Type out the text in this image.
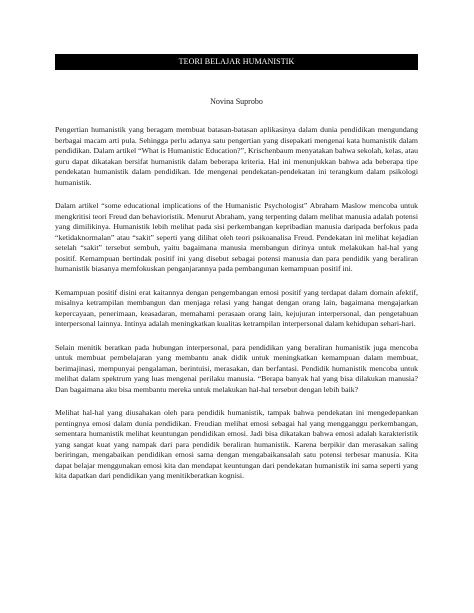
TEORI BELAJAR HUMANISTIK
Novina Suprobo

Pengertian humanistik yang beragam membuat batasan-batasan aplikasinya dalam dunia pendidikan mengundang berbagai macam arti pula. Sehingga perlu adanya satu pengertian yang disepakati mengenai kata humanistik dalam pendidikan. Dalam artikel “What is Humanistic Education?”, Krischenbaum menyatakan bahwa sekolah, kelas, atau guru dapat dikatakan bersifat humanistik dalam beberapa kriteria. Hal ini menunjukkan bahwa ada beberapa tipe pendekatan humanistik dalam pendidikan. Ide mengenai pendekatan-pendekatan ini terangkum dalam psikologi humanistik.

Dalam artikel “some educational implications of the Humanistic Psychologist” Abraham Maslow mencoba untuk mengkritisi teori Freud dan behavioristik. Menurut Abraham, yang terpenting dalam melihat manusia adalah potensi yang dimilikinya. Humanistik lebih melihat pada sisi perkembangan kepribadian manusia daripada berfokus pada “ketidaknormalan” atau “sakit” seperti yang dilihat oleh teori psikoanalisa Freud. Pendekatan ini melihat kejadian setelah “sakit” tersebut sembuh, yaitu bagaimana manusia membangun dirinya untuk melakukan hal-hal yang positif. Kemampuan bertindak positif ini yang disebut sebagai potensi manusia dan para pendidik yang beraliran humanistik biasanya memfokuskan penganjarannya pada pembangunan kemampuan positif ini.

Kemampuan positif disini erat kaitannya dengan pengembangan emosi positif yang terdapat dalam domain afektif, misalnya ketrampilan membangun dan menjaga relasi yang hangat dengan orang lain, bagaimana mengajarkan kepercayaan, penerimaan, keasadaran, memahami perasaan orang lain, kejujuran interpersonal, dan pengetahuan interpersonal lainnya. Intinya adalah meningkatkan kualitas ketrampilan interpersonal dalam kehidupan sehari-hari.

Selain menitik beratkan pada hubungan interpersonal, para pendidikan yang beraliran humanistik juga mencoba untuk membuat pembelajaran yang membantu anak didik untuk meningkatkan kemampuan dalam membuat, berimajinasi, mempunyai pengalaman, berintuisi, merasakan, dan berfantasi. Pendidik humanistik mencoba untuk melihat dalam spektrum yang luas mengenai perilaku manusia. “Berapa banyak hal yang bisa dilakukan manusia? Dan bagaimana aku bisa membantu mereka untuk melakukan hal-hal tersebut dengan lebih baik?

Melihat hal-hal yang diusahakan oleh para pendidik humanistik, tampak bahwa pendekatan ini mengedepankan pentingnya emosi dalam dunia pendidikan. Freudian melihat emosi sebagai hal yang mengganggu perkembangan, sementara humanistik melihat keuntungan pendidikan emosi. Jadi bisa dikatakan bahwa emosi adalah karakteristik yang sangat kuat yang nampak dari para pendidik beraliran humanistik. Karena berpikir dan merasakan saling beriringan, mengabaikan pendidikan emosi sama dengan mengabaikansalah satu potensi terbesar manusia. Kita dapat belajar menggunakan emosi kita dan mendapat keuntungan dari pendekatan humanistik ini sama seperti yang kita dapatkan dari pendidikan yang menitikberatkan kognisi.
